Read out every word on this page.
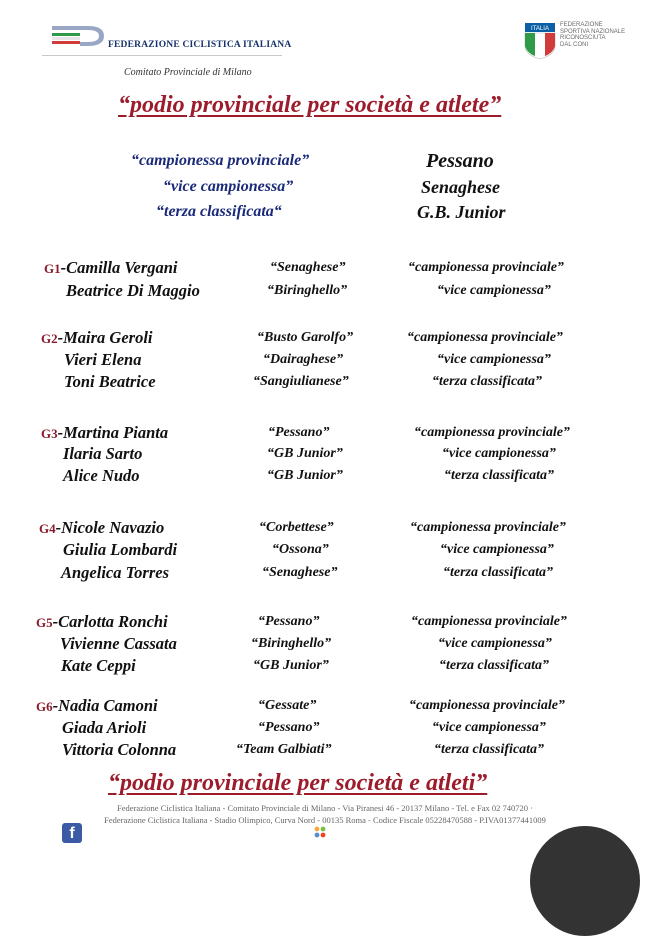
FEDERAZIONE CICLISTICA ITALIANA
Comitato Provinciale di Milano
ITALIA
FEDERAZIONE
SPORTIVA NAZIONALE
RICONOSCIUTA
DAL CONI
“podio provinciale per società e atlete”
“campionessa provinciale”	Pessano
“vice campionessa”	Senaghese
“terza classificata“	G.B. Junior
G1-Camilla Vergani	“Senaghese”	“campionessa provinciale”
Beatrice Di Maggio	“Biringhello”	“vice campionessa”
G2-Maira Geroli	“Busto Garolfo”	“campionessa provinciale”
Vieri Elena	“Dairaghese”	“vice campionessa”
Toni Beatrice	“Sangiulianese”	“terza classificata”
G3-Martina Pianta	“Pessano”	“campionessa provinciale”
Ilaria Sarto	“GB Junior”	“vice campionessa”
Alice Nudo	“GB Junior”	“terza classificata”
G4-Nicole Navazio	“Corbettese”	“campionessa provinciale”
Giulia Lombardi	“Ossona”	“vice campionessa”
Angelica Torres	“Senaghese”	“terza classificata”
G5-Carlotta Ronchi	“Pessano”	“campionessa provinciale”
Vivienne Cassata	“Biringhello”	“vice campionessa”
Kate Ceppi	“GB Junior”	“terza classificata”
G6-Nadia Camoni	“Gessate”	“campionessa provinciale”
Giada Arioli	“Pessano”	“vice campionessa”
Vittoria Colonna	“Team Galbiati”	“terza classificata”
“podio provinciale per società e atleti”
Federazione Ciclistica Italiana - Comitato Provinciale di Milano - Via Piranesi 46 - 20137 Milano - Tel. e Fax 02 740720 ·
Federazione Ciclistica Italiana - Stadio Olimpico, Curva Nord - 00135 Roma - Codice Fiscale 05228470588 - P.IVA01377441009
f
